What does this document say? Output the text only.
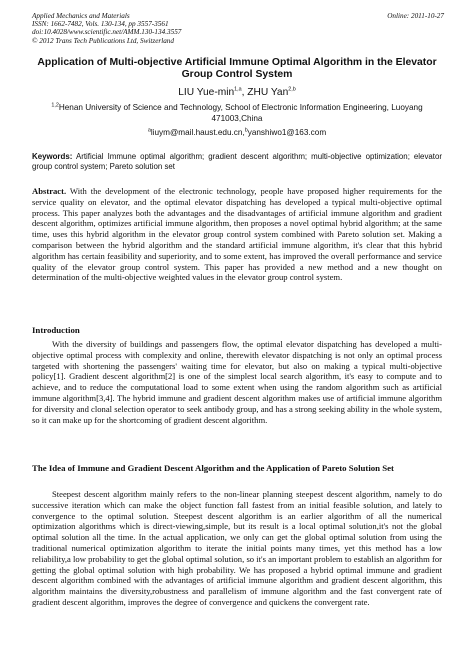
Applied Mechanics and Materials
ISSN: 1662-7482, Vols. 130-134, pp 3557-3561
doi:10.4028/www.scientific.net/AMM.130-134.3557
© 2012 Trans Tech Publications Ltd, Switzerland
Online: 2011-10-27
Application of Multi-objective Artificial Immune Optimal Algorithm in the Elevator Group Control System
LIU Yue-$\min^{1,a}$, ZHU Yan$^{2,b}$
$^{1,2}$Henan University of Science and Technology, School of Electronic Information Engineering, Luoyang 471003,China
$^a$liuym@mail.haust.edu.cn,$^b$yanshiwo1@163.com
Keywords: Artificial Immune optimal algorithm; gradient descent algorithm; multi-objective optimization; elevator group control system; Pareto solution set
Abstract. With the development of the electronic technology, people have proposed higher requirements for the service quality on elevator, and the optimal elevator dispatching has developed a typical multi-objective optimal process. This paper analyzes both the advantages and the disadvantages of artificial immune algorithm and gradient descent algorithm, optimizes artificial immune algorithm, then proposes a novel optimal hybrid algorithm; at the same time, uses this hybrid algorithm in the elevator group control system combined with Pareto solution set. Making a comparison between the hybrid algorithm and the standard artificial immune algorithm, it's clear that this hybrid algorithm has certain feasibility and superiority, and to some extent, has improved the overall performance and service quality of the elevator group control system. This paper has provided a new method and a new thought on determination of the multi-objective weighted values in the elevator group control system.
Introduction
With the diversity of buildings and passengers flow, the optimal elevator dispatching has developed a multi-objective optimal process with complexity and online, therewith elevator dispatching is not only an optimal process targeted with shortening the passengers' waiting time for elevator, but also on making a typical multi-objective policy[1]. Gradient descent algorithm[2] is one of the simplest local search algorithm, it's easy to compute and to achieve, and to reduce the computational load to some extent when using the random algorithm such as artificial immune algorithm[3,4]. The hybrid immune and gradient descent algorithm makes use of artificial immune algorithm for diversity and clonal selection operator to seek antibody group, and has a strong seeking ability in the whole system, so it can make up for the shortcoming of gradient descent algorithm.
The Idea of Immune and Gradient Descent Algorithm and the Application of Pareto Solution Set
Steepest descent algorithm mainly refers to the non-linear planning steepest descent algorithm, namely to do successive iteration which can make the object function fall fastest from an initial feasible solution, and lately to convergence to the optimal solution. Steepest descent algorithm is an earlier algorithm of all the numerical optimization algorithms which is direct-viewing,simple, but its result is a local optimal solution,it's not the global optimal solution all the time. In the actual application, we only can get the global optimal solution from using the traditional numerical optimization algorithm to iterate the initial points many times, yet this method has a low reliability,a low probability to get the global optimal solution, so it's an important problem to establish an algorithm for getting the global optimal solution with high probability. We has proposed a hybrid optimal immune and gradient descent algorithm combined with the advantages of artificial immune algorithm and gradient descent algorithm, this algorithm maintains the diversity,robustness and parallelism of immune algorithm and the fast convergent rate of gradient descent algorithm, improves the degree of convergence and quickens the convergent rate.
